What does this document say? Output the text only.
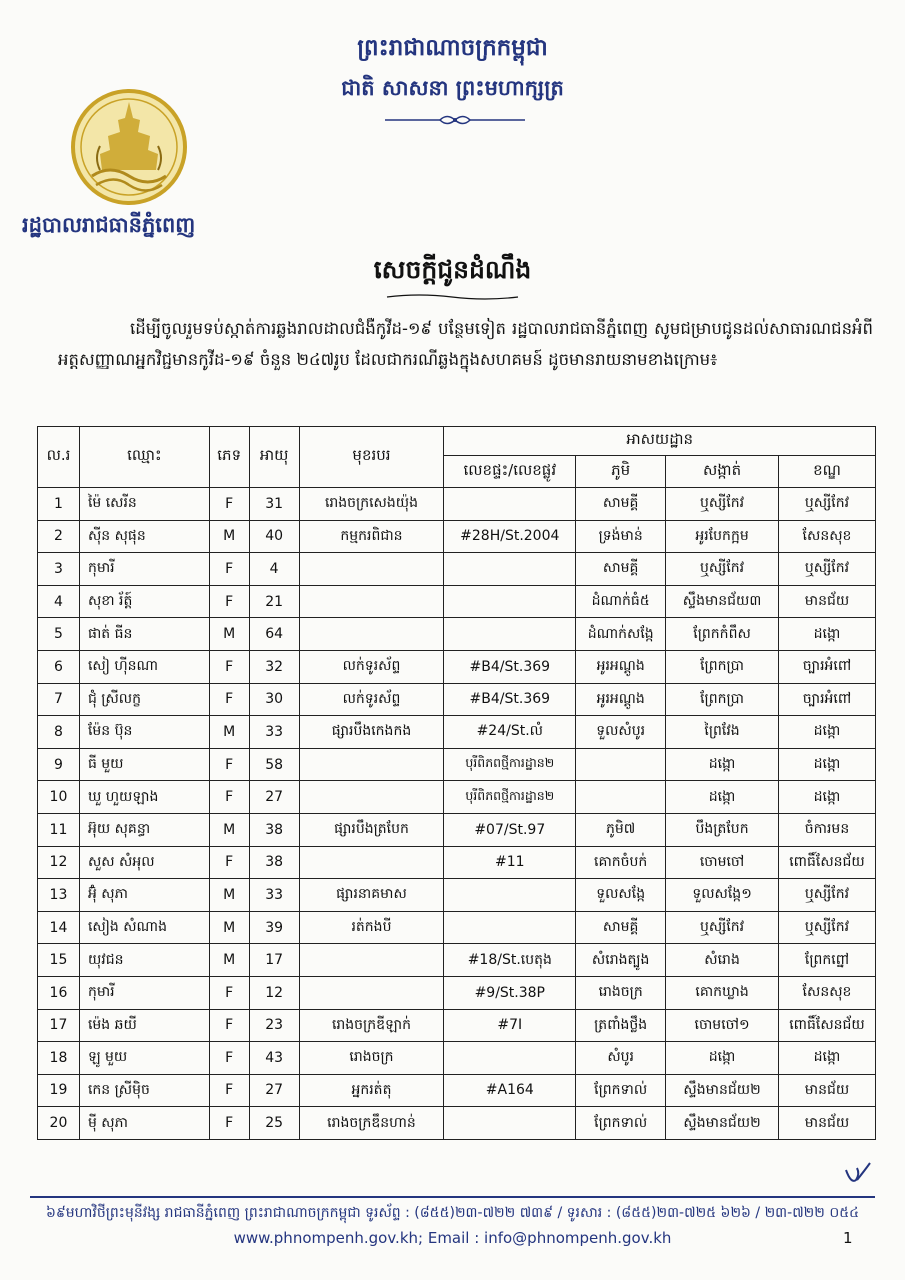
ព្រះរាជាណាចក្រកម្ពុជា
ជាតិ សាសនា ព្រះមហាក្សត្រ
រដ្ឋបាលរាជធានីភ្នំពេញ
សេចក្ដីជូនដំណឹង
ដើម្បីចូលរួមទប់ស្កាត់ការឆ្លងរាលដាលជំងឺកូវីដ-១៩ បន្ថែមទៀត រដ្ឋបាលរាជធានីភ្នំពេញ សូមជម្រាបជូនដល់សាធារណជនអំពីអត្តសញ្ញាណអ្នកវិជ្ជមានកូវីដ-១៩ ចំនួន ២៤៧រូប ដែលជាករណីឆ្លងក្នុងសហគមន៍ ដូចមានរាយនាមខាងក្រោម៖
ល.រ	ឈ្មោះ	ភេទ	អាយុ	មុខរបរ	អាសយដ្ឋាន			
					លេខផ្ទះ/លេខផ្លូវ	ភូមិ	សង្កាត់	ខណ្ឌ
1	ម៉ៃ សេរីន	F	31	រោងចក្រសេងយ៉ុង		សាមគ្គី	ឬស្សីកែវ	ឬស្សីកែវ
2	ស៊ីន សុផុន	M	40	កម្មករពិជាន	#28H/St.2004	ទ្រង់មាន់	អូរបែកក្អម	សែនសុខ
3	កុមារី	F	4			សាមគ្គី	ឬស្សីកែវ	ឬស្សីកែវ
4	សុខា រ័ត្ត៍	F	21			ដំណាក់ធំ៥	ស្ទឹងមានជ័យ៣	មានជ័យ
5	ផាត់ ធីន	M	64			ដំណាក់សង្កែ	ព្រែកកំពឹស	ដង្កោ
6	សៀ ហ៊ីនណា	F	32	លក់ទូរស័ព្ទ	#B4/St.369	អូរអណ្ដូង	ព្រែកប្រា	ច្បារអំពៅ
7	ជុំ ស្រីលក្ខ	F	30	លក់ទូរស័ព្ទ	#B4/St.369	អូរអណ្ដូង	ព្រែកប្រា	ច្បារអំពៅ
8	ម៉ែន ប៊ុន	M	33	ផ្សារបឹងកេងកង	#24/St.លំ	ទួលសំបូរ	ព្រៃវែង	ដង្កោ
9	ធី មួយ	F	58		បុរីពិភពថ្មីការដ្ឋាន២		ដង្កោ	ដង្កោ
10	ឃួ ហួយឡាង	F	27		បុរីពិភពថ្មីការដ្ឋាន២		ដង្កោ	ដង្កោ
11	អ៊ុយ សុគន្ធា	M	38	ផ្សារបឹងត្របែក	#07/St.97	ភូមិ៧	បឹងត្របែក	ចំការមន
12	សួស សំអុល	F	38		#11	គោកចំបក់	ចោមចៅ	ពោធិ៍សែនជ័យ
13	អ៊ុំ សុភា	M	33	ផ្សារនាគមាស		ទួលសង្កែ	ទួលសង្កែ១	ឬស្សីកែវ
14	សៀង សំណាង	M	39	រត់កងបី		សាមគ្គី	ឬស្សីកែវ	ឬស្សីកែវ
15	យុវជន	M	17		#18/St.បេតុង	សំរោងត្បូង	សំរោង	ព្រែកព្នៅ
16	កុមារី	F	12		#9/St.38P	រោងចក្រ	គោកឃ្លាង	សែនសុខ
17	ម៉េង ឆយី	F	23	រោងចក្រឌីឡាក់	#7I	ត្រពាំងថ្លឹង	ចោមចៅ១	ពោធិ៍សែនជ័យ
18	ឡូ មួយ	F	43	រោងចក្រ		សំបូរ	ដង្កោ	ដង្កោ
19	កេន ស្រីម៉ិច	F	27	អ្នករត់តុ	#A164	ព្រែកទាល់	ស្ទឹងមានជ័យ២	មានជ័យ
20	ម៉ី សុភា	F	25	រោងចក្រឌឹនហាន់		ព្រែកទាល់	ស្ទឹងមានជ័យ២	មានជ័យ
៦៩មហាវិថីព្រះមុនីវង្ស រាជធានីភ្នំពេញ ព្រះរាជាណាចក្រកម្ពុជា ទូរស័ព្ទ : (៨៥៥)២៣-៧២២ ៧៣៩ / ទូរសារ : (៨៥៥)២៣-៧២៥ ៦២៦ / ២៣-៧២២ ០៥៤
www.phnompenh.gov.kh; Email : info@phnompenh.gov.kh	1
